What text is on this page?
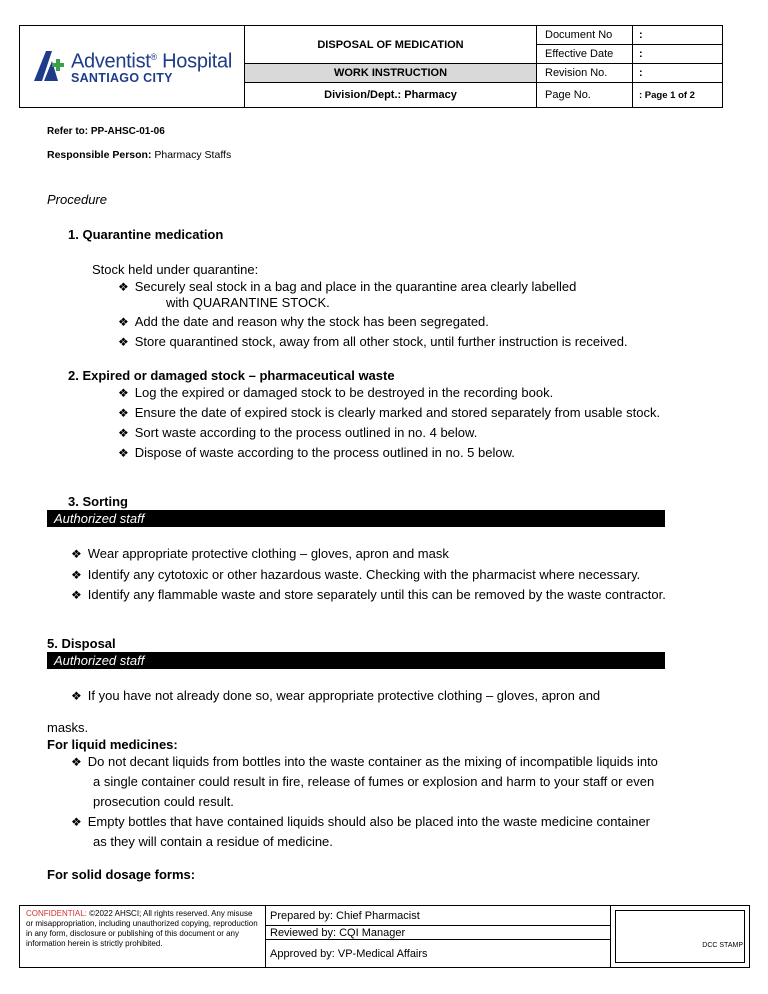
Adventist® Hospital
SANTIAGO CITY	DISPOSAL OF MEDICATION	Document No	:
		Effective Date	:
	WORK INSTRUCTION	Revision No.	:
	Division/Dept.: Pharmacy	Page No.	: Page 1 of 2
Refer to: PP-AHSC-01-06
Responsible Person: Pharmacy Staffs
Procedure
1. Quarantine medication
Stock held under quarantine:
❖ Securely seal stock in a bag and place in the quarantine area clearly labelled
with QUARANTINE STOCK.
❖ Add the date and reason why the stock has been segregated.
❖ Store quarantined stock, away from all other stock, until further instruction is received.
2. Expired or damaged stock – pharmaceutical waste
❖ Log the expired or damaged stock to be destroyed in the recording book.
❖ Ensure the date of expired stock is clearly marked and stored separately from usable stock.
❖ Sort waste according to the process outlined in no. 4 below.
❖ Dispose of waste according to the process outlined in no. 5 below.
3. Sorting
Authorized staff
❖ Wear appropriate protective clothing – gloves, apron and mask
❖ Identify any cytotoxic or other hazardous waste. Checking with the pharmacist where necessary.
❖ Identify any flammable waste and store separately until this can be removed by the waste contractor.
5. Disposal
Authorized staff
❖ If you have not already done so, wear appropriate protective clothing – gloves, apron and
masks.
For liquid medicines:
❖ Do not decant liquids from bottles into the waste container as the mixing of incompatible liquids into
a single container could result in fire, release of fumes or explosion and harm to your staff or even
prosecution could result.
❖ Empty bottles that have contained liquids should also be placed into the waste medicine container
as they will contain a residue of medicine.
For solid dosage forms:
CONFIDENTIAL: ©2022 AHSCI; All rights reserved. Any misuse or misappropriation, including unauthorized copying, reproduction in any form, disclosure or publishing of this document or any information herein is strictly prohibited.	Prepared by: Chief Pharmacist	
DCC STAMP

Reviewed by: CQI Manager
Approved by: VP-Medical Affairs
